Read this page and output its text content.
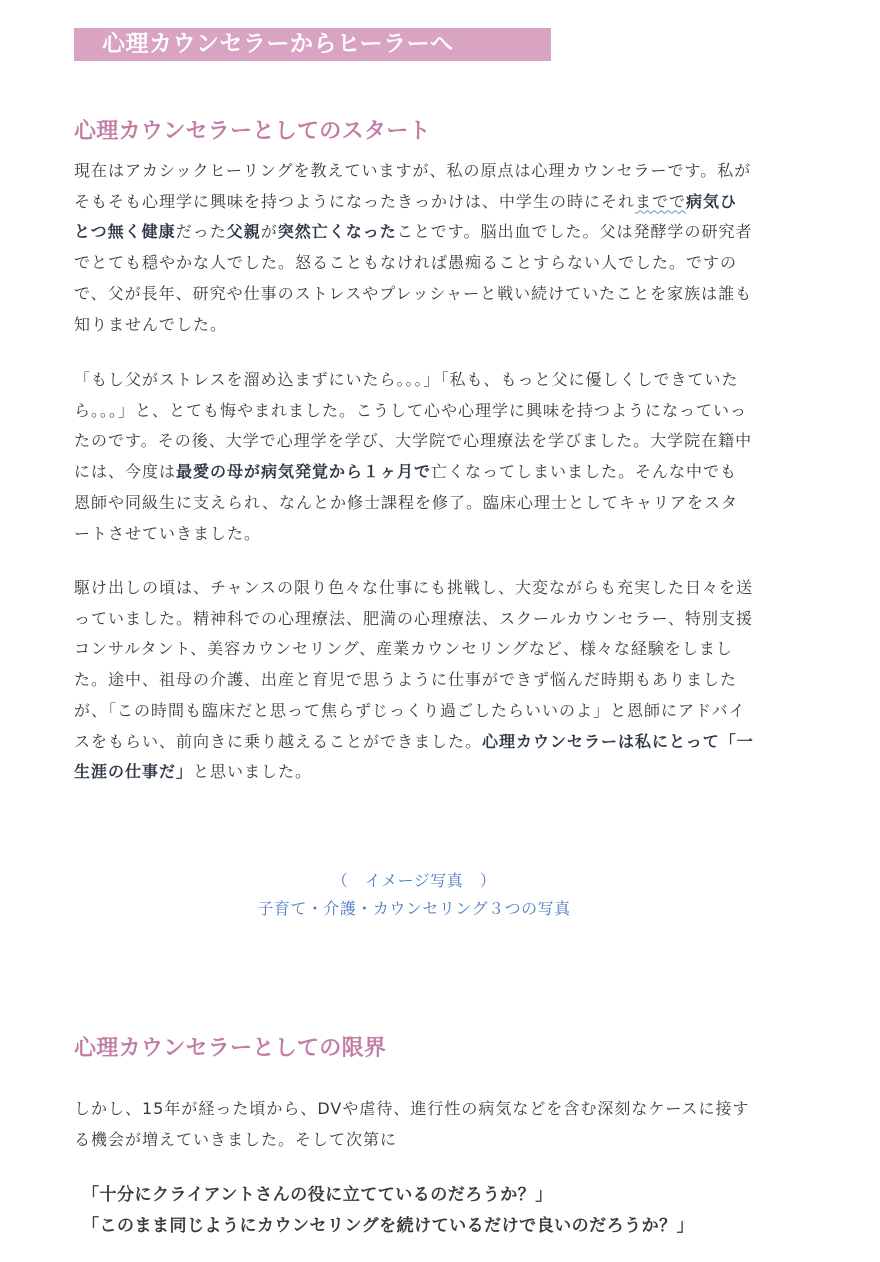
心理カウンセラーからヒーラーへ
心理カウンセラーとしてのスタート
現在はアカシックヒーリングを教えていますが、私の原点は心理カウンセラーです。私がそもそも心理学に興味を持つようになったきっかけは、中学生の時にそれまでで病気ひとつ無く健康だった父親が突然亡くなったことです。脳出血でした。父は発酵学の研究者でとても穏やかな人でした。怒ることもなければ愚痴ることすらない人でした。ですので、父が長年、研究や仕事のストレスやプレッシャーと戦い続けていたことを家族は誰も知りませんでした。
「もし父がストレスを溜め込まずにいたら。。。」「私も、もっと父に優しくしできていたら。。。」と、とても悔やまれました。こうして心や心理学に興味を持つようになっていったのです。その後、大学で心理学を学び、大学院で心理療法を学びました。大学院在籍中には、今度は最愛の母が病気発覚から１ヶ月で亡くなってしまいました。そんな中でも恩師や同級生に支えられ、なんとか修士課程を修了。臨床心理士としてキャリアをスタートさせていきました。
駆け出しの頃は、チャンスの限り色々な仕事にも挑戦し、大変ながらも充実した日々を送っていました。精神科での心理療法、肥満の心理療法、スクールカウンセラー、特別支援コンサルタント、美容カウンセリング、産業カウンセリングなど、様々な経験をしました。途中、祖母の介護、出産と育児で思うように仕事ができず悩んだ時期もありましたが、「この時間も臨床だと思って焦らずじっくり過ごしたらいいのよ」と恩師にアドバイスをもらい、前向きに乗り越えることができました。心理カウンセラーは私にとって「一生涯の仕事だ」と思いました。
（　イメージ写真　）
子育て・介護・カウンセリング３つの写真
心理カウンセラーとしての限界
しかし、15年が経った頃から、DVや虐待、進行性の病気などを含む深刻なケースに接する機会が増えていきました。そして次第に
「十分にクライアントさんの役に立てているのだろうか？」
「このまま同じようにカウンセリングを続けているだけで良いのだろうか？」
